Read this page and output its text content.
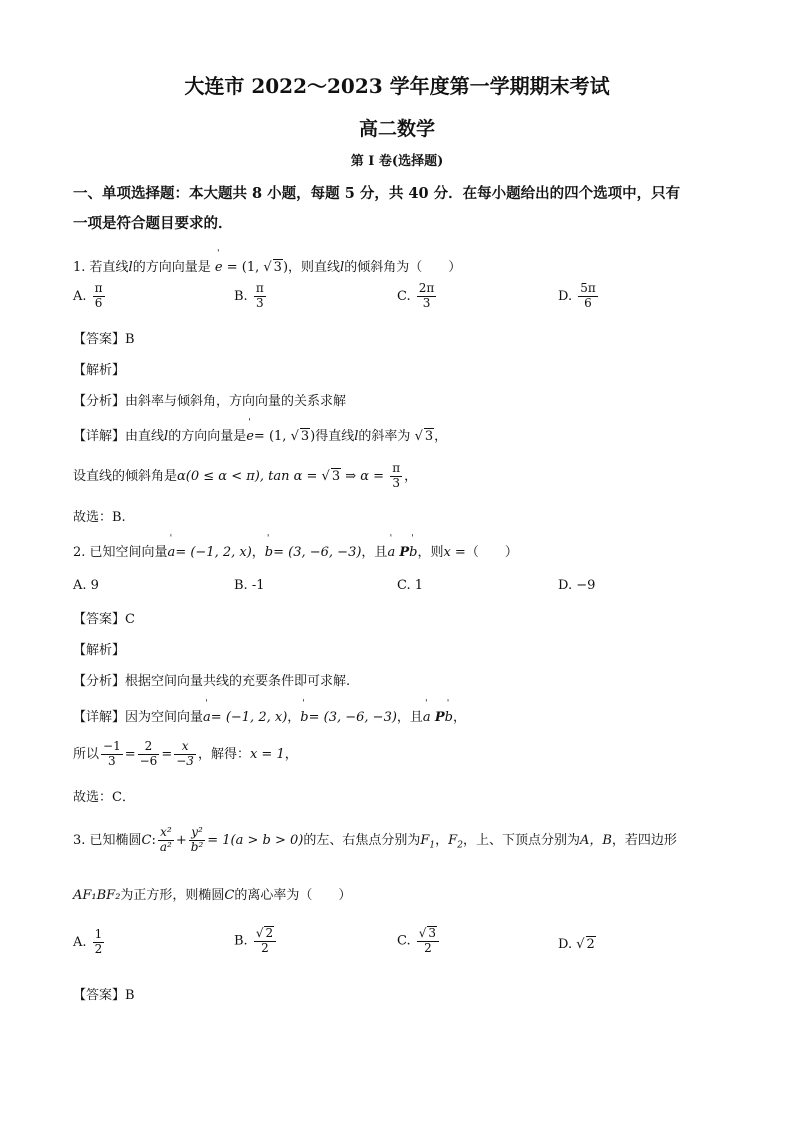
大连市 2022～2023 学年度第一学期期末考试
高二数学
第 I 卷(选择题)
一、单项选择题：本大题共 8 小题，每题 5 分，共 40 分．在每小题给出的四个选项中，只有
一项是符合题目要求的．
1. 若直线l的方向向量是 ˈ e = (1, √ 3)，则直线l的倾斜角为（　　）
A. $\frac{\pi}{6}$	B. $\frac{\pi}{3}$	C. $\frac{2\pi}{3}$	D. $\frac{5\pi}{6}$
【答案】B
【解析】
【分析】由斜率与倾斜角，方向向量的关系求解
【详解】由直线l的方向向量是ˈ e= (1, √ 3)得直线l的斜率为 √ 3，
设直线的倾斜角是α(0 ≤ α < π), tan α = √ 3 ⇒ $\alpha = \frac{\pi}{3}$ ，
故选：B.
2. 已知空间向量ˈ a= (−1, 2, x)，ˈ b= (3, −6, −3)，且ˈ a Pˈ b，则x =（　　）
A. 9	B. -1	C. 1	D. −9
【答案】C
【解析】
【分析】根据空间向量共线的充要条件即可求解.
【详解】因为空间向量ˈ a= (−1, 2, x)，ˈ b= (3, −6, −3)，且ˈ a Pˈ b，
所以 $\frac{-1}{3} = \frac{2}{-6} = \frac{x}{-3}$ ，解得：x = 1，
故选：C．
3. 已知椭圆C: $\frac{\text{x²}}{\text{a²}} + \frac{\text{y²}}{\text{b²}} = 1(a > b > 0)$的左、右焦点分别为$F_1$，$F_2$，上、下顶点分别为A，B，若四边形
AF₁BF₂为正方形，则椭圆C的离心率为（　　）
A. $\frac{1}{2}$	B. $\frac{√ 2}{2}$	C. $\frac{√ 3}{2}$	D. √ 2
【答案】B
